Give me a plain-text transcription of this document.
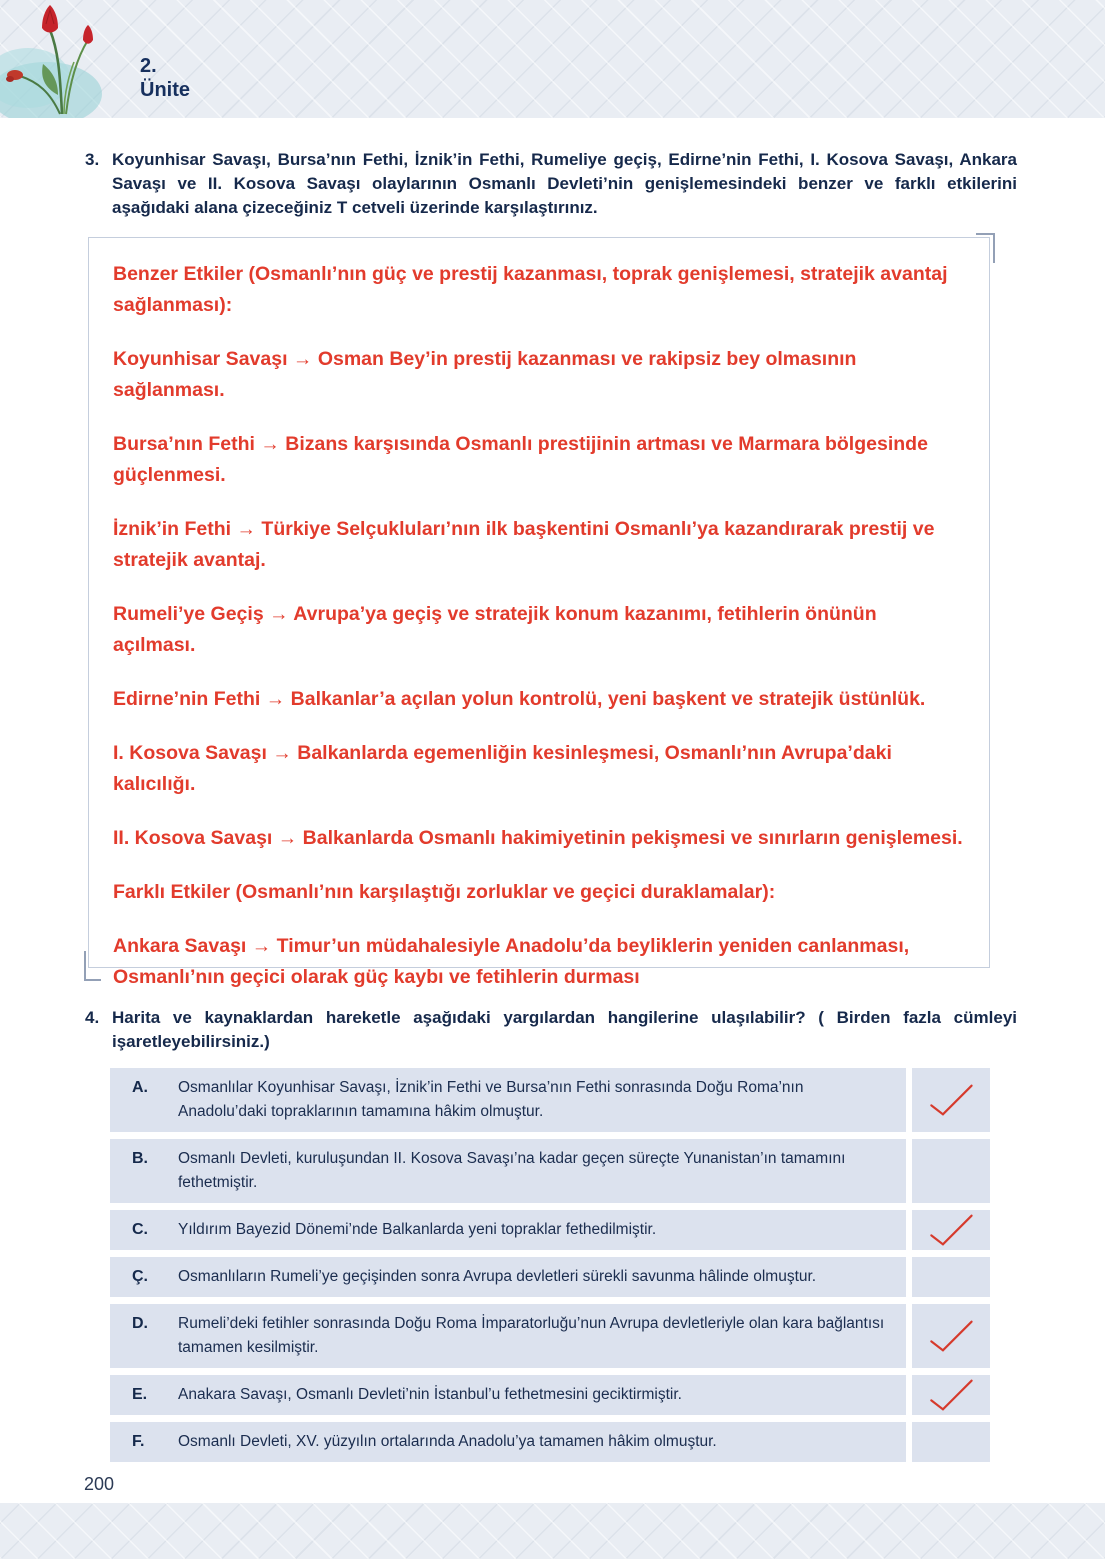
2.
Ünite
3. Koyunhisar Savaşı, Bursa’nın Fethi, İznik’in Fethi, Rumeliye geçiş, Edirne’nin Fethi, I. Kosova Savaşı, Ankara Savaşı ve II. Kosova Savaşı olaylarının Osmanlı Devleti’nin genişlemesindeki benzer ve farklı etkilerini aşağıdaki alana çizeceğiniz T cetveli üzerinde karşılaştırınız.

Benzer Etkiler (Osmanlı’nın güç ve prestij kazanması, toprak genişlemesi, stratejik avantaj sağlanması):

Koyunhisar Savaşı → Osman Bey’in prestij kazanması ve rakipsiz bey olmasının sağlanması.

Bursa’nın Fethi → Bizans karşısında Osmanlı prestijinin artması ve Marmara bölgesinde güçlenmesi.

İznik’in Fethi → Türkiye Selçukluları’nın ilk başkentini Osmanlı’ya kazandırarak prestij ve stratejik avantaj.

Rumeli’ye Geçiş → Avrupa’ya geçiş ve stratejik konum kazanımı, fetihlerin önünün açılması.

Edirne’nin Fethi → Balkanlar’a açılan yolun kontrolü, yeni başkent ve stratejik üstünlük.

I. Kosova Savaşı → Balkanlarda egemenliğin kesinleşmesi, Osmanlı’nın Avrupa’daki kalıcılığı.

II. Kosova Savaşı → Balkanlarda Osmanlı hakimiyetinin pekişmesi ve sınırların genişlemesi.

Farklı Etkiler (Osmanlı’nın karşılaştığı zorluklar ve geçici duraklamalar):

Ankara Savaşı → Timur’un müdahalesiyle Anadolu’da beyliklerin yeniden canlanması, Osmanlı’nın geçici olarak güç kaybı ve fetihlerin durması

4. Harita ve kaynaklardan hareketle aşağıdaki yargılardan hangilerine ulaşılabilir? ( Birden fazla cümleyi işaretleyebilirsiniz.)
A.	Osmanlılar Koyunhisar Savaşı, İznik’in Fethi ve Bursa’nın Fethi sonrasında Doğu Roma’nın Anadolu’daki topraklarının tamamına hâkim olmuştur.
B.	Osmanlı Devleti, kuruluşundan II. Kosova Savaşı’na kadar geçen süreçte Yunanistan’ın tamamını fethetmiştir.
C.	Yıldırım Bayezid Dönemi’nde Balkanlarda yeni topraklar fethedilmiştir.
Ç.	Osmanlıların Rumeli’ye geçişinden sonra Avrupa devletleri sürekli savunma hâlinde olmuştur.
D.	Rumeli’deki fetihler sonrasında Doğu Roma İmparatorluğu’nun Avrupa devletleriyle olan kara bağlantısı tamamen kesilmiştir.
E.	Anakara Savaşı, Osmanlı Devleti’nin İstanbul’u fethetmesini geciktirmiştir.
F.	Osmanlı Devleti, XV. yüzyılın ortalarında Anadolu’ya tamamen hâkim olmuştur.
200
